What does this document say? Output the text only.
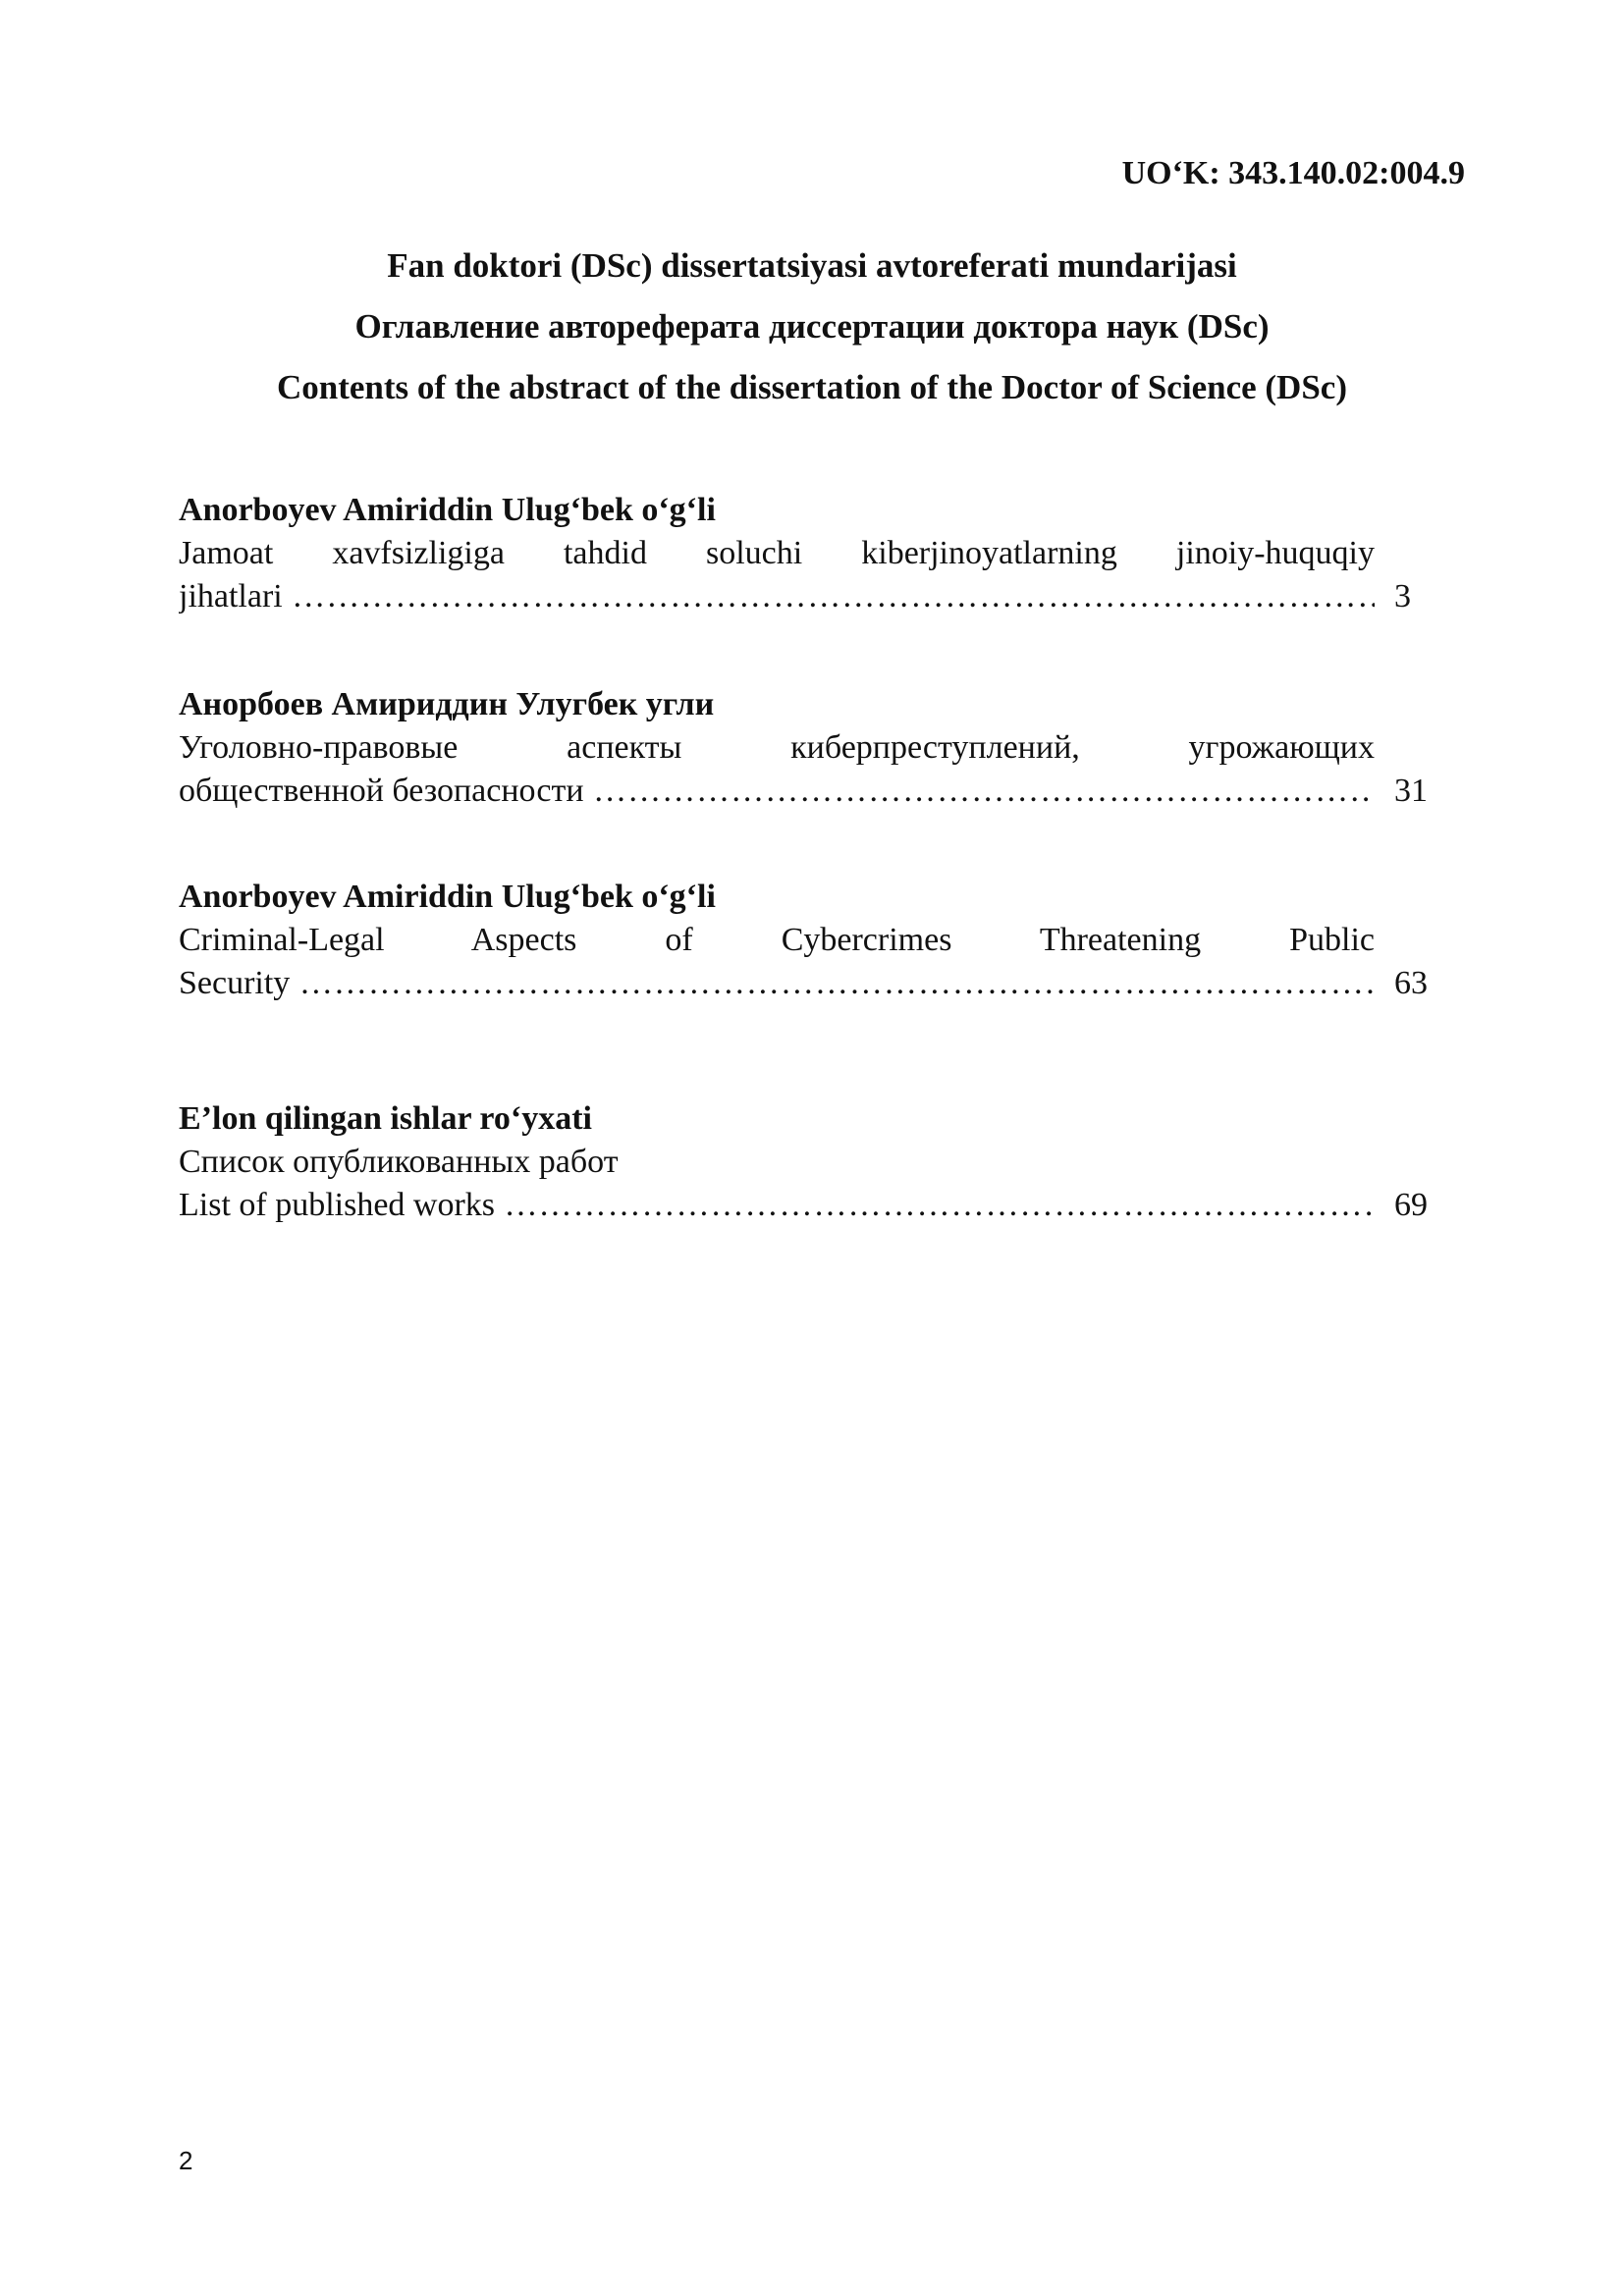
UO‘K: 343.140.02:004.9
Fan doktori (DSc) dissertatsiyasi avtoreferati mundarijasi
Оглавление автореферата диссертации доктора наук (DSc)
Contents of the abstract of the dissertation of the Doctor of Science (DSc)
Anorboyev Amiriddin Ulug‘bek o‘g‘li
Jamoat xavfsizligiga tahdid soluchi kiberjinoyatlarning jinoiy-huquqiy
jihatlari ……………………………………………………………………………………………………………………………………………………………	3
Анорбоев Амириддин Улугбек угли
Уголовно-правовые аспекты киберпреступлений, угрожающих
общественной безопасности ……………………………………………………………………………………………………………………………………………………………	31
Anorboyev Amiriddin Ulug‘bek o‘g‘li
Criminal-Legal Aspects of Cybercrimes Threatening Public
Security ……………………………………………………………………………………………………………………………………………………………	63
E’lon qilingan ishlar ro‘yxati
Список опубликованных работ
List of published works ……………………………………………………………………………………………………………………………………………………………	69
2
